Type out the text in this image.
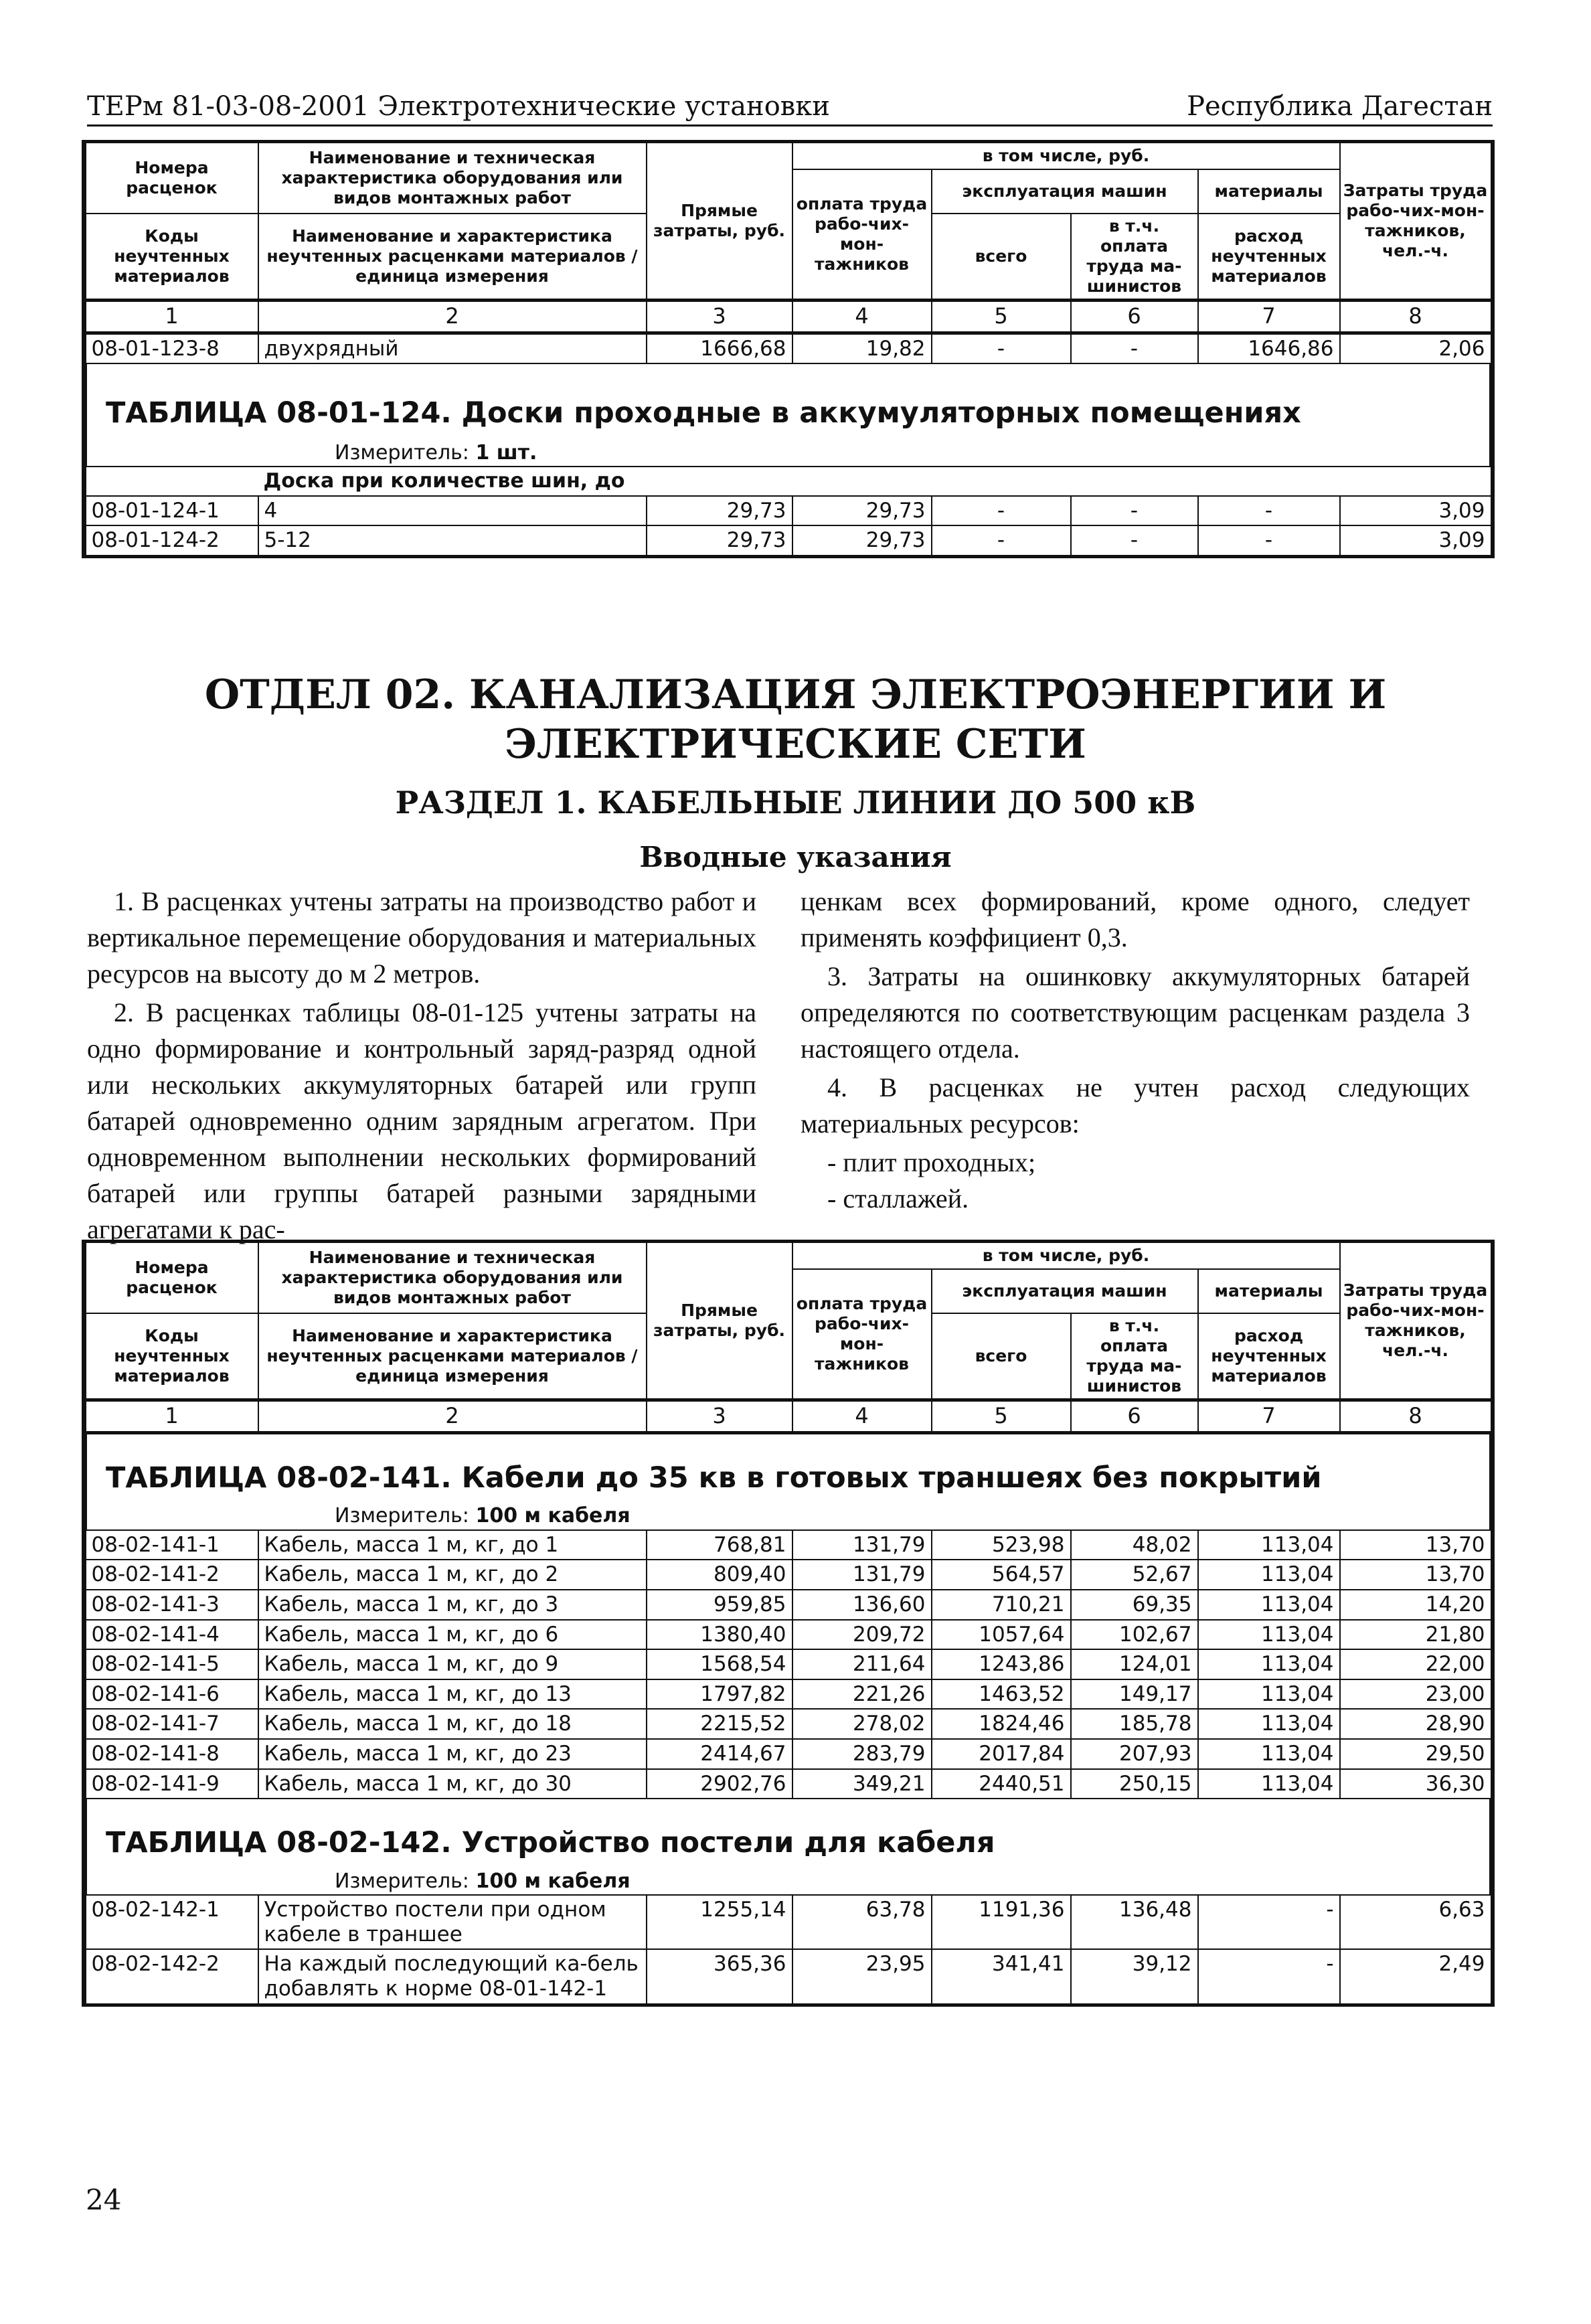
ТЕРм 81-03-08-2001 Электротехнические установки	Республика Дагестан
Номера расценок	Наименование и техническая характеристика оборудования или видов монтажных работ	Прямые затраты, руб.	в том числе, руб.				Затраты труда рабо-чих-мон-тажников, чел.-ч.
			оплата труда рабо-чих-мон-тажников	эксплуатация машин		материалы	
Коды неучтенных материалов	Наименование и характеристика неучтенных расценками материалов / единица измерения			всего	в т.ч. оплата труда ма-шинистов	расход неучтенных материалов	

1	2	3	4	5	6	7	8
08-01-123-8	двухрядный	1666,68	19,82	-	-	1646,86	2,06
ТАБЛИЦА 08-01-124. Доски проходные в аккумуляторных помещениях							
Измеритель: 1 шт.							
	Доска при количестве шин, до						
08-01-124-1	4	29,73	29,73	-	-	-	3,09
08-01-124-2	5-12	29,73	29,73	-	-	-	3,09
ОТДЕЛ 02. КАНАЛИЗАЦИЯ ЭЛЕКТРОЭНЕРГИИ И
ЭЛЕКТРИЧЕСКИЕ СЕТИ
РАЗДЕЛ 1. КАБЕЛЬНЫЕ ЛИНИИ ДО 500 кВ
Вводные указания

1. В расценках учтены затраты на производство работ и вертикальное перемещение оборудования и материальных ресурсов на высоту до м 2 метров.

2. В расценках таблицы 08-01-125 учтены затраты на одно формирование и контрольный заряд-разряд одной или нескольких аккумуляторных батарей или групп батарей одновременно одним зарядным агрегатом. При одновременном выполнении нескольких формирований батарей или группы батарей разными зарядными агрегатами к рас-

ценкам всех формирований, кроме одного, следует применять коэффициент 0,3.

3. Затраты на ошинковку аккумуляторных батарей определяются по соответствующим расценкам раздела 3 настоящего отдела.

4. В расценках не учтен расход следующих материальных ресурсов:

- плит проходных;

- сталлажей.

Номера расценок	Наименование и техническая характеристика оборудования или видов монтажных работ	Прямые затраты, руб.	в том числе, руб.				Затраты труда рабо-чих-мон-тажников, чел.-ч.
			оплата труда рабо-чих-мон-тажников	эксплуатация машин		материалы	
Коды неучтенных материалов	Наименование и характеристика неучтенных расценками материалов / единица измерения			всего	в т.ч. оплата труда ма-шинистов	расход неучтенных материалов	

1	2	3	4	5	6	7	8
ТАБЛИЦА 08-02-141. Кабели до 35 кв в готовых траншеях без покрытий							
Измеритель: 100 м кабеля							
08-02-141-1	Кабель, масса 1 м, кг, до 1	768,81	131,79	523,98	48,02	113,04	13,70
08-02-141-2	Кабель, масса 1 м, кг, до 2	809,40	131,79	564,57	52,67	113,04	13,70
08-02-141-3	Кабель, масса 1 м, кг, до 3	959,85	136,60	710,21	69,35	113,04	14,20
08-02-141-4	Кабель, масса 1 м, кг, до 6	1380,40	209,72	1057,64	102,67	113,04	21,80
08-02-141-5	Кабель, масса 1 м, кг, до 9	1568,54	211,64	1243,86	124,01	113,04	22,00
08-02-141-6	Кабель, масса 1 м, кг, до 13	1797,82	221,26	1463,52	149,17	113,04	23,00
08-02-141-7	Кабель, масса 1 м, кг, до 18	2215,52	278,02	1824,46	185,78	113,04	28,90
08-02-141-8	Кабель, масса 1 м, кг, до 23	2414,67	283,79	2017,84	207,93	113,04	29,50
08-02-141-9	Кабель, масса 1 м, кг, до 30	2902,76	349,21	2440,51	250,15	113,04	36,30
ТАБЛИЦА 08-02-142. Устройство постели для кабеля							
Измеритель: 100 м кабеля							
08-02-142-1	Устройство постели при одном кабеле в траншее	1255,14	63,78	1191,36	136,48	-	6,63
08-02-142-2	На каждый последующий ка-бель добавлять к норме 08-01-142-1	365,36	23,95	341,41	39,12	-	2,49
24
